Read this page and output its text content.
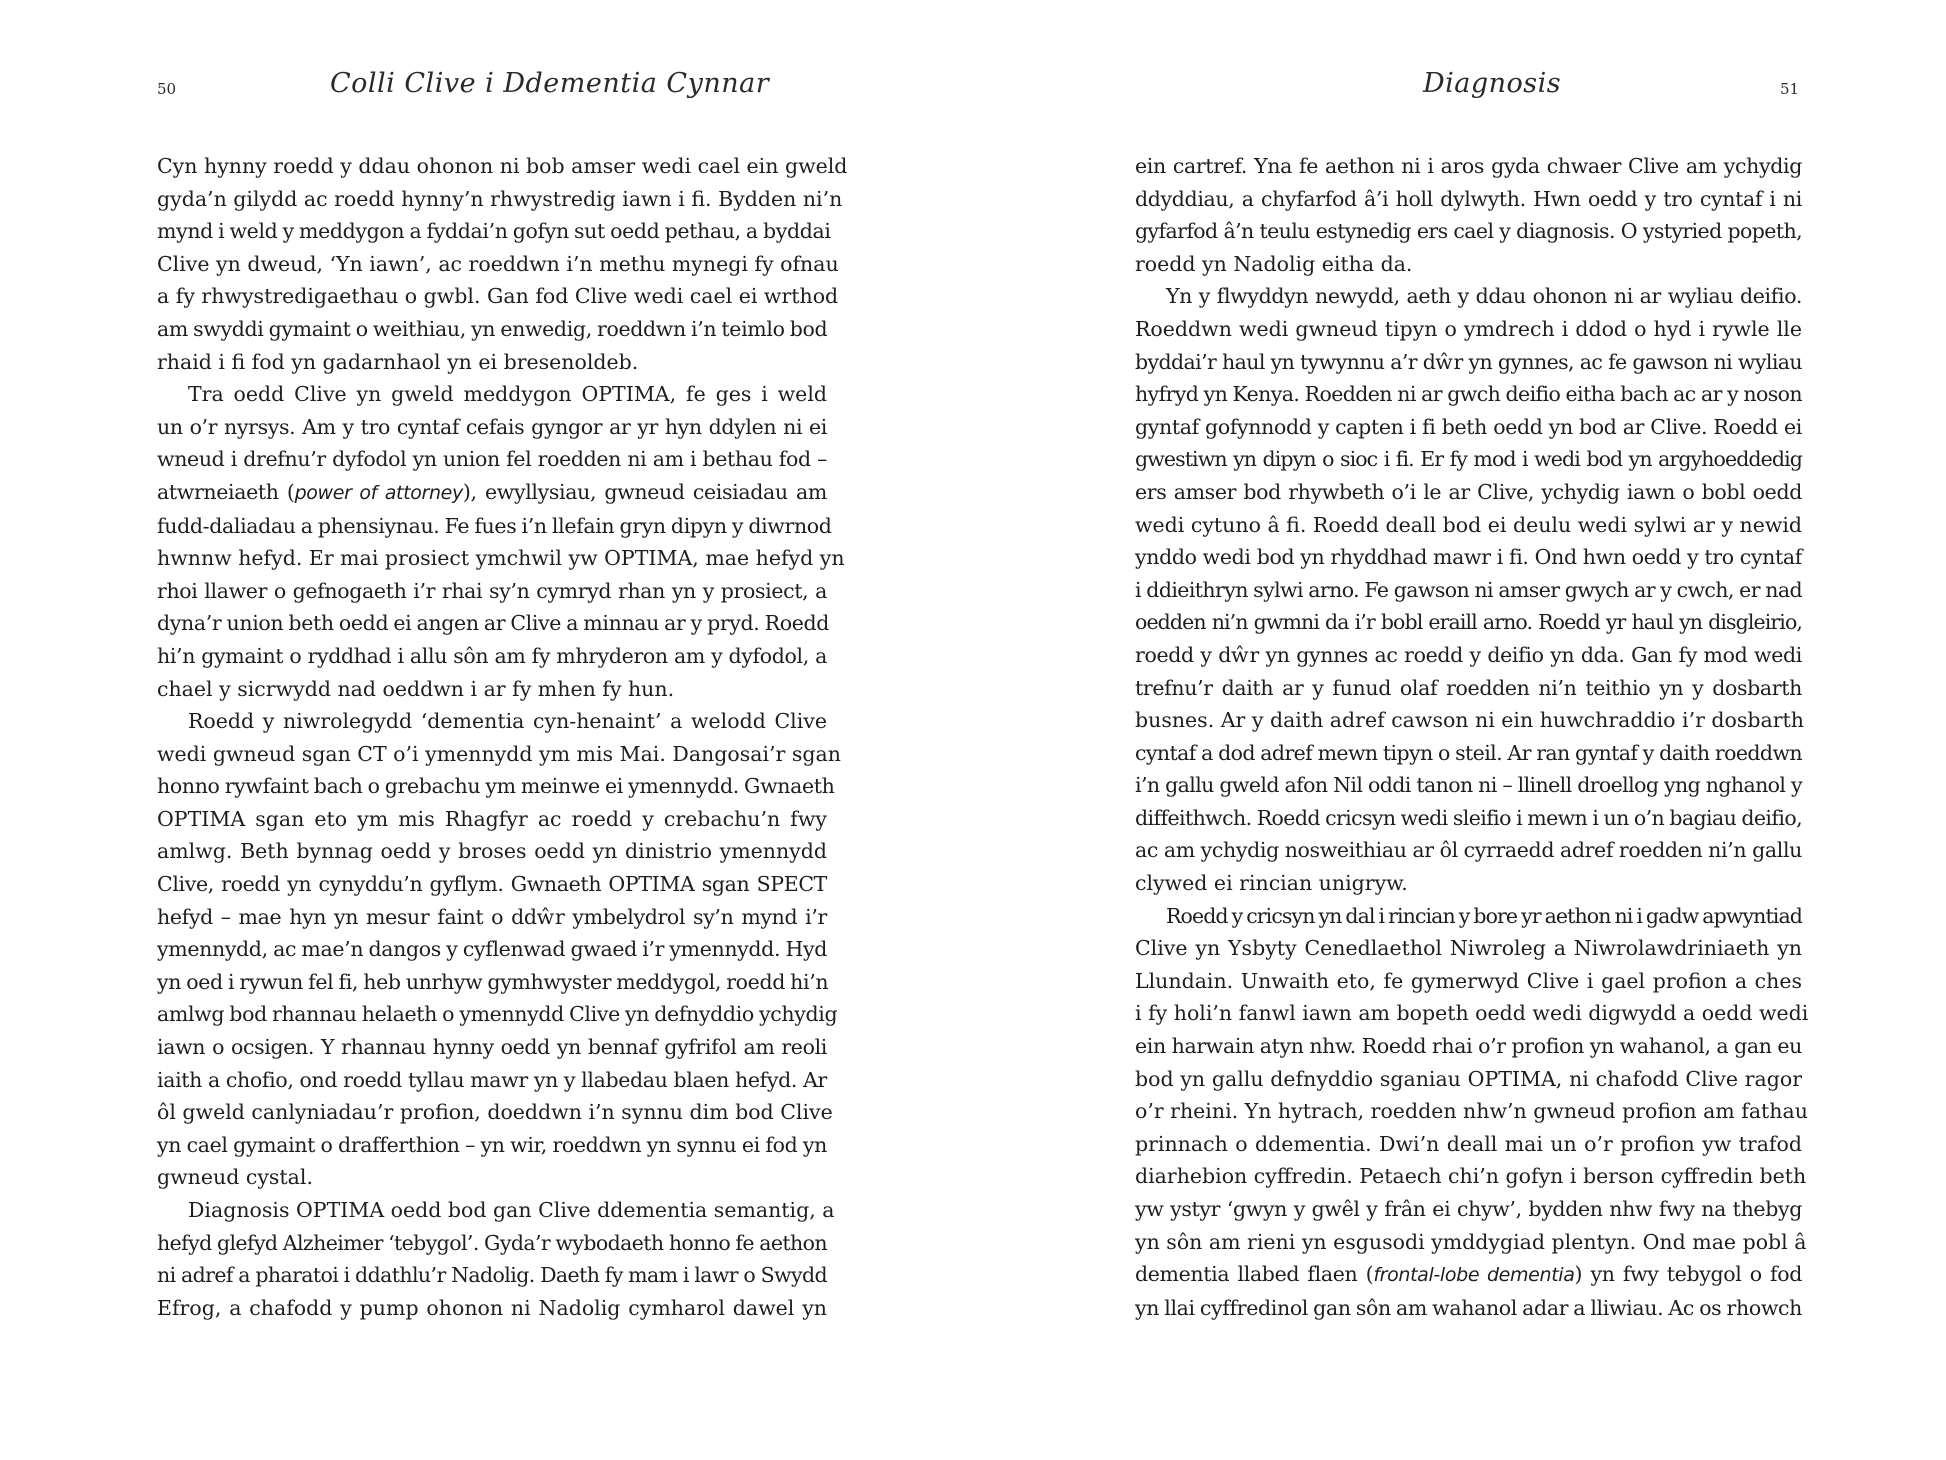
50	Colli Clive i Ddementia Cynnar
Cyn hynny roedd y ddau ohonon ni bob amser wedi cael ein gweld
gyda’n gilydd ac roedd hynny’n rhwystredig iawn i fi. Bydden ni’n
mynd i weld y meddygon a fyddai’n gofyn sut oedd pethau, a byddai
Clive yn dweud, ‘Yn iawn’, ac roeddwn i’n methu mynegi fy ofnau
a fy rhwystredigaethau o gwbl. Gan fod Clive wedi cael ei wrthod
am swyddi gymaint o weithiau, yn enwedig, roeddwn i’n teimlo bod
rhaid i fi fod yn gadarnhaol yn ei bresenoldeb.
Tra oedd Clive yn gweld meddygon OPTIMA, fe ges i weld
un o’r nyrsys. Am y tro cyntaf cefais gyngor ar yr hyn ddylen ni ei
wneud i drefnu’r dyfodol yn union fel roedden ni am i bethau fod –
atwrneiaeth (power of attorney), ewyllysiau, gwneud ceisiadau am
fudd-daliadau a phensiynau. Fe fues i’n llefain gryn dipyn y diwrnod
hwnnw hefyd. Er mai prosiect ymchwil yw OPTIMA, mae hefyd yn
rhoi llawer o gefnogaeth i’r rhai sy’n cymryd rhan yn y prosiect, a
dyna’r union beth oedd ei angen ar Clive a minnau ar y pryd. Roedd
hi’n gymaint o ryddhad i allu sôn am fy mhryderon am y dyfodol, a
chael y sicrwydd nad oeddwn i ar fy mhen fy hun.
Roedd y niwrolegydd ‘dementia cyn-henaint’ a welodd Clive
wedi gwneud sgan CT o’i ymennydd ym mis Mai. Dangosai’r sgan
honno rywfaint bach o grebachu ym meinwe ei ymennydd. Gwnaeth
OPTIMA sgan eto ym mis Rhagfyr ac roedd y crebachu’n fwy
amlwg. Beth bynnag oedd y broses oedd yn dinistrio ymennydd
Clive, roedd yn cynyddu’n gyflym. Gwnaeth OPTIMA sgan SPECT
hefyd – mae hyn yn mesur faint o ddŵr ymbelydrol sy’n mynd i’r
ymennydd, ac mae’n dangos y cyflenwad gwaed i’r ymennydd. Hyd
yn oed i rywun fel fi, heb unrhyw gymhwyster meddygol, roedd hi’n
amlwg bod rhannau helaeth o ymennydd Clive yn defnyddio ychydig
iawn o ocsigen. Y rhannau hynny oedd yn bennaf gyfrifol am reoli
iaith a chofio, ond roedd tyllau mawr yn y llabedau blaen hefyd. Ar
ôl gweld canlyniadau’r profion, doeddwn i’n synnu dim bod Clive
yn cael gymaint o drafferthion – yn wir, roeddwn yn synnu ei fod yn
gwneud cystal.
Diagnosis OPTIMA oedd bod gan Clive ddementia semantig, a
hefyd glefyd Alzheimer ‘tebygol’. Gyda’r wybodaeth honno fe aethon
ni adref a pharatoi i ddathlu’r Nadolig. Daeth fy mam i lawr o Swydd
Efrog, a chafodd y pump ohonon ni Nadolig cymharol dawel yn
Diagnosis	51
ein cartref. Yna fe aethon ni i aros gyda chwaer Clive am ychydig
ddyddiau, a chyfarfod â’i holl dylwyth. Hwn oedd y tro cyntaf i ni
gyfarfod â’n teulu estynedig ers cael y diagnosis. O ystyried popeth,
roedd yn Nadolig eitha da.
Yn y flwyddyn newydd, aeth y ddau ohonon ni ar wyliau deifio.
Roeddwn wedi gwneud tipyn o ymdrech i ddod o hyd i rywle lle
byddai’r haul yn tywynnu a’r dŵr yn gynnes, ac fe gawson ni wyliau
hyfryd yn Kenya. Roedden ni ar gwch deifio eitha bach ac ar y noson
gyntaf gofynnodd y capten i fi beth oedd yn bod ar Clive. Roedd ei
gwestiwn yn dipyn o sioc i fi. Er fy mod i wedi bod yn argyhoeddedig
ers amser bod rhywbeth o’i le ar Clive, ychydig iawn o bobl oedd
wedi cytuno â fi. Roedd deall bod ei deulu wedi sylwi ar y newid
ynddo wedi bod yn rhyddhad mawr i fi. Ond hwn oedd y tro cyntaf
i ddieithryn sylwi arno. Fe gawson ni amser gwych ar y cwch, er nad
oedden ni’n gwmni da i’r bobl eraill arno. Roedd yr haul yn disgleirio,
roedd y dŵr yn gynnes ac roedd y deifio yn dda. Gan fy mod wedi
trefnu’r daith ar y funud olaf roedden ni’n teithio yn y dosbarth
busnes. Ar y daith adref cawson ni ein huwchraddio i’r dosbarth
cyntaf a dod adref mewn tipyn o steil. Ar ran gyntaf y daith roeddwn
i’n gallu gweld afon Nil oddi tanon ni – llinell droellog yng nghanol y
diffeithwch. Roedd cricsyn wedi sleifio i mewn i un o’n bagiau deifio,
ac am ychydig nosweithiau ar ôl cyrraedd adref roedden ni’n gallu
clywed ei rincian unigryw.
Roedd y cricsyn yn dal i rincian y bore yr aethon ni i gadw apwyntiad
Clive yn Ysbyty Cenedlaethol Niwroleg a Niwrolawdriniaeth yn
Llundain. Unwaith eto, fe gymerwyd Clive i gael profion a ches
i fy holi’n fanwl iawn am bopeth oedd wedi digwydd a oedd wedi
ein harwain atyn nhw. Roedd rhai o’r profion yn wahanol, a gan eu
bod yn gallu defnyddio sganiau OPTIMA, ni chafodd Clive ragor
o’r rheini. Yn hytrach, roedden nhw’n gwneud profion am fathau
prinnach o ddementia. Dwi’n deall mai un o’r profion yw trafod
diarhebion cyffredin. Petaech chi’n gofyn i berson cyffredin beth
yw ystyr ‘gwyn y gwêl y frân ei chyw’, bydden nhw fwy na thebyg
yn sôn am rieni yn esgusodi ymddygiad plentyn. Ond mae pobl â
dementia llabed flaen (frontal-lobe dementia) yn fwy tebygol o fod
yn llai cyffredinol gan sôn am wahanol adar a lliwiau. Ac os rhowch
